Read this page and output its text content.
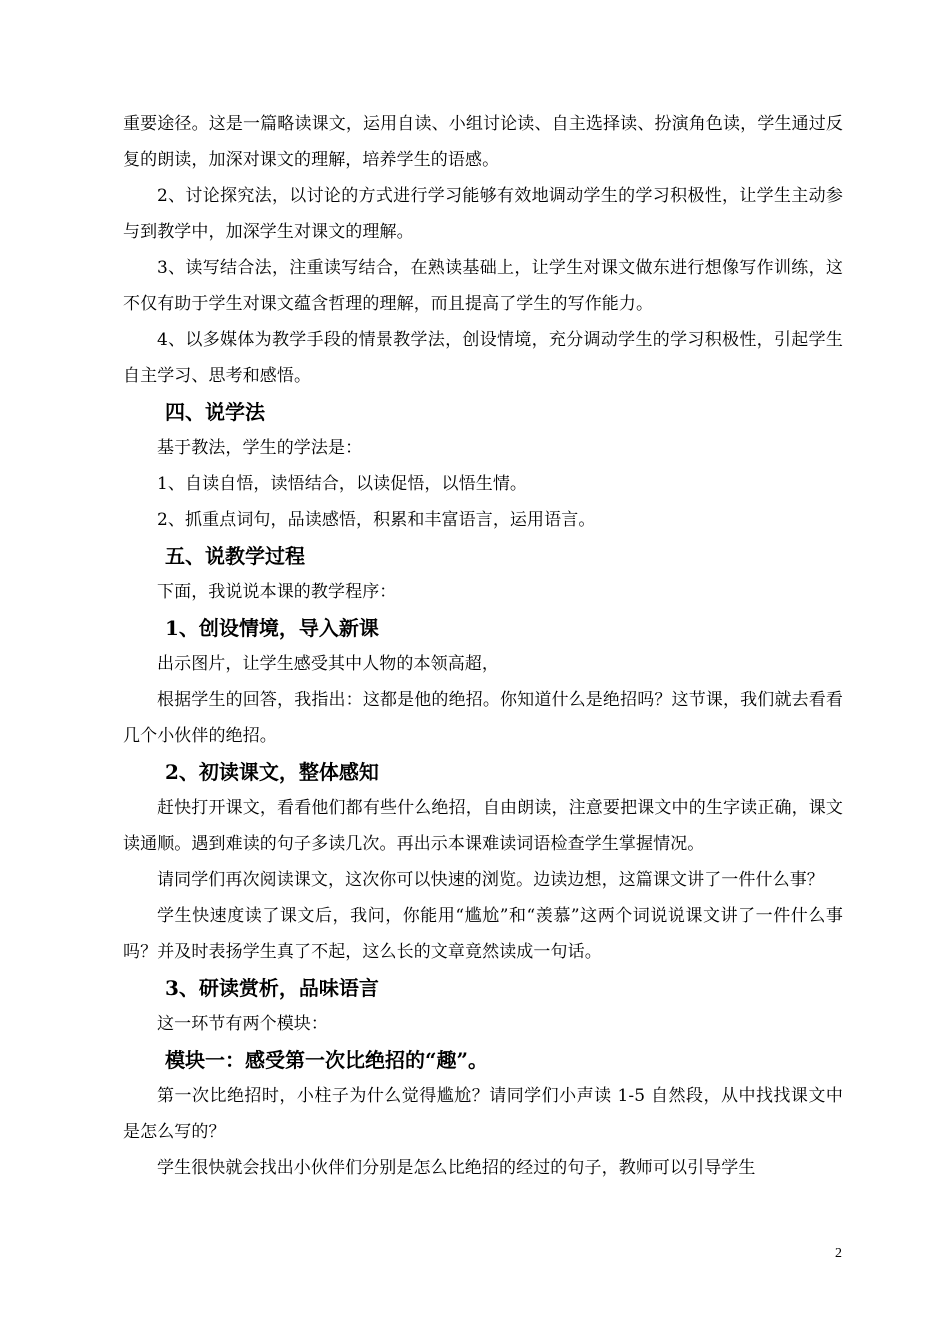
重要途径。这是一篇略读课文，运用自读、小组讨论读、自主选择读、扮演角色读，学生通过反复的朗读，加深对课文的理解，培养学生的语感。

2、讨论探究法，以讨论的方式进行学习能够有效地调动学生的学习积极性，让学生主动参与到教学中，加深学生对课文的理解。

3、读写结合法，注重读写结合，在熟读基础上，让学生对课文做东进行想像写作训练，这不仅有助于学生对课文蕴含哲理的理解，而且提高了学生的写作能力。

4、以多媒体为教学手段的情景教学法，创设情境，充分调动学生的学习积极性，引起学生自主学习、思考和感悟。

四、说学法

基于教法，学生的学法是：

1、自读自悟，读悟结合，以读促悟，以悟生情。

2、抓重点词句，品读感悟，积累和丰富语言，运用语言。

五、说教学过程

下面，我说说本课的教学程序：

1、创设情境，导入新课

出示图片，让学生感受其中人物的本领高超，

根据学生的回答，我指出：这都是他的绝招。你知道什么是绝招吗？这节课，我们就去看看几个小伙伴的绝招。

2、初读课文，整体感知

赶快打开课文，看看他们都有些什么绝招，自由朗读，注意要把课文中的生字读正确，课文读通顺。遇到难读的句子多读几次。再出示本课难读词语检查学生掌握情况。

请同学们再次阅读课文，这次你可以快速的浏览。边读边想，这篇课文讲了一件什么事？

学生快速度读了课文后，我问，你能用“尴尬”和“羡慕”这两个词说说课文讲了一件什么事吗？并及时表扬学生真了不起，这么长的文章竟然读成一句话。

3、研读赏析，品味语言

这一环节有两个模块：

模块一：感受第一次比绝招的“趣”。

第一次比绝招时，小柱子为什么觉得尴尬？请同学们小声读 1-5 自然段，从中找找课文中是怎么写的？

学生很快就会找出小伙伴们分别是怎么比绝招的经过的句子，教师可以引导学生

2
